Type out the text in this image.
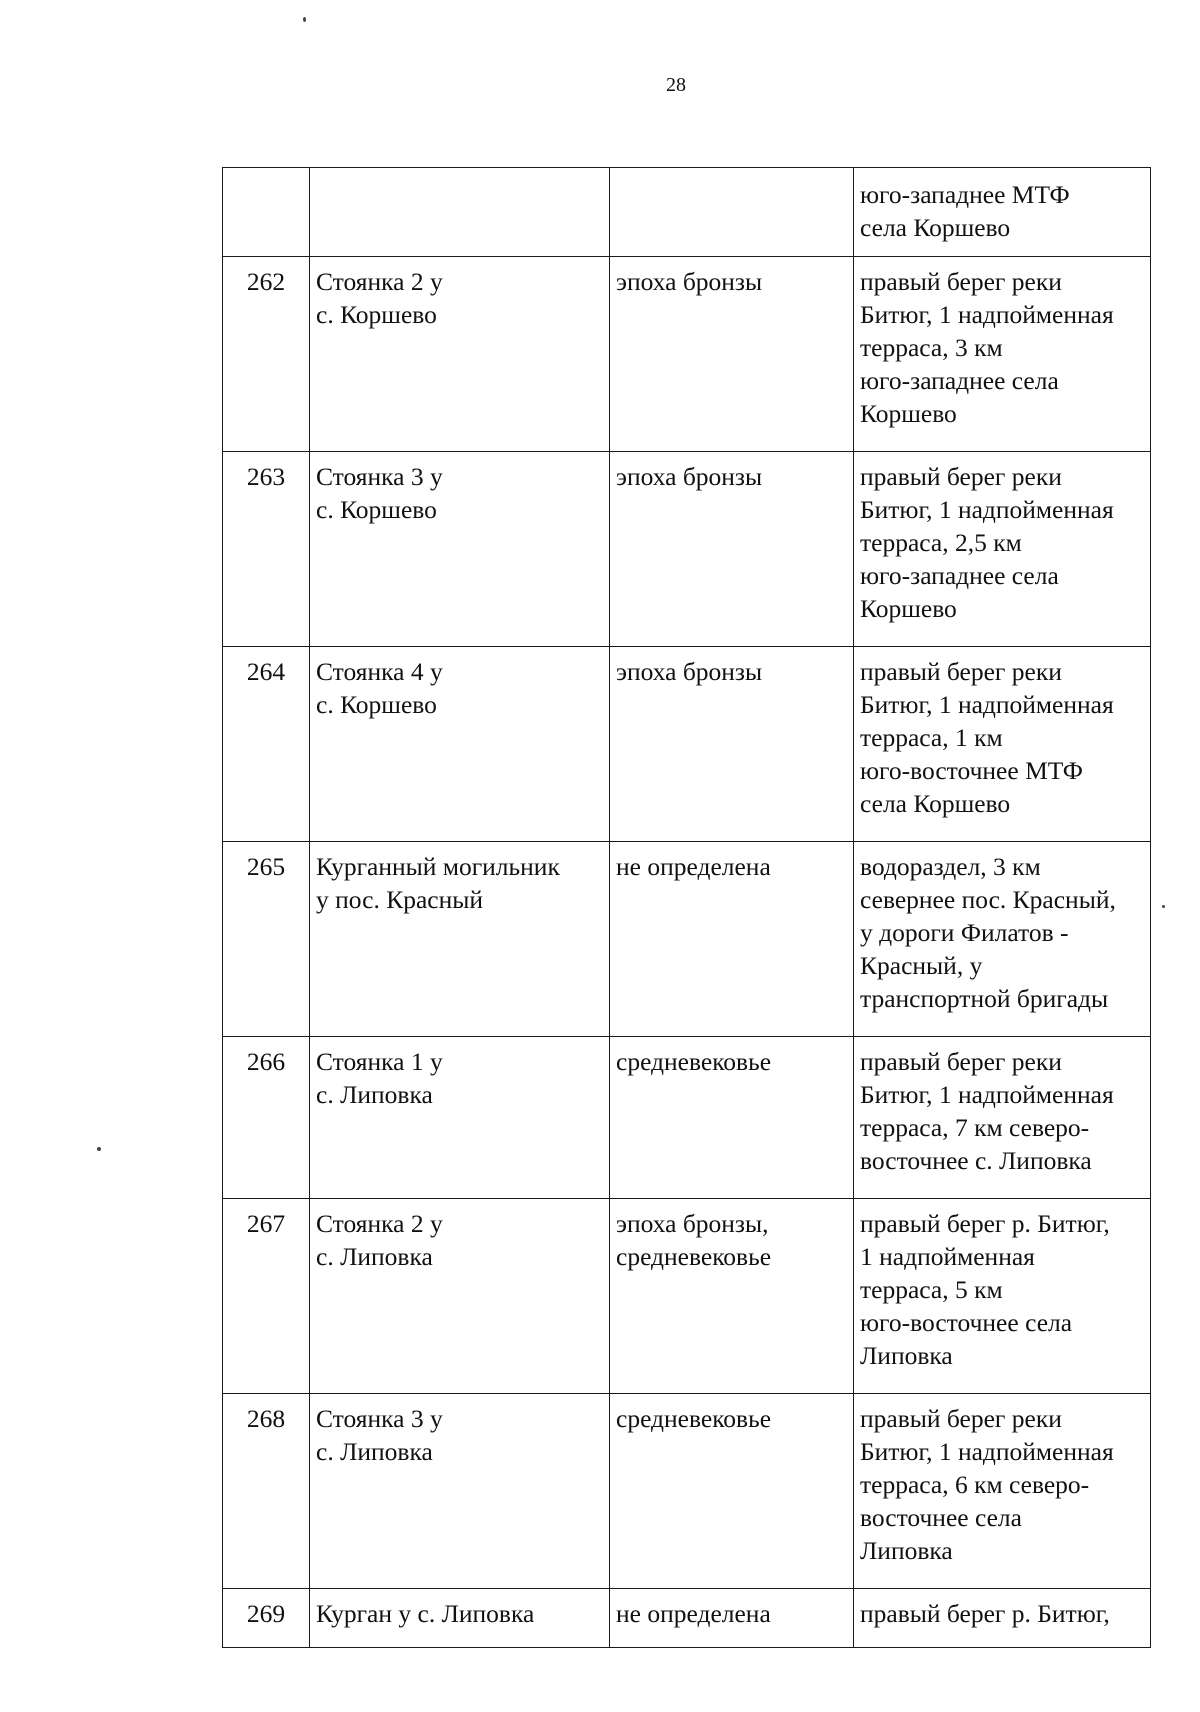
28
			юго-западнее МТФ
села Коршево
262	Стоянка 2 у
с. Коршево	эпоха бронзы	правый берег реки
Битюг, 1 надпойменная
терраса, 3 км
юго-западнее села
Коршево
263	Стоянка 3 у
с. Коршево	эпоха бронзы	правый берег реки
Битюг, 1 надпойменная
терраса, 2,5 км
юго-западнее села
Коршево
264	Стоянка 4 у
с. Коршево	эпоха бронзы	правый берег реки
Битюг, 1 надпойменная
терраса, 1 км
юго-восточнее МТФ
села Коршево
265	Курганный могильник
у пос. Красный	не определена	водораздел, 3 км
севернее пос. Красный,
у дороги Филатов -
Красный, у
транспортной бригады
266	Стоянка 1 у
с. Липовка	средневековье	правый берег реки
Битюг, 1 надпойменная
терраса, 7 км северо-
восточнее с. Липовка
267	Стоянка 2 у
с. Липовка	эпоха бронзы,
средневековье	правый берег р. Битюг,
1 надпойменная
терраса, 5 км
юго-восточнее села
Липовка
268	Стоянка 3 у
с. Липовка	средневековье	правый берег реки
Битюг, 1 надпойменная
терраса, 6 км северо-
восточнее села
Липовка
269	Курган у с. Липовка	не определена	правый берег р. Битюг,
